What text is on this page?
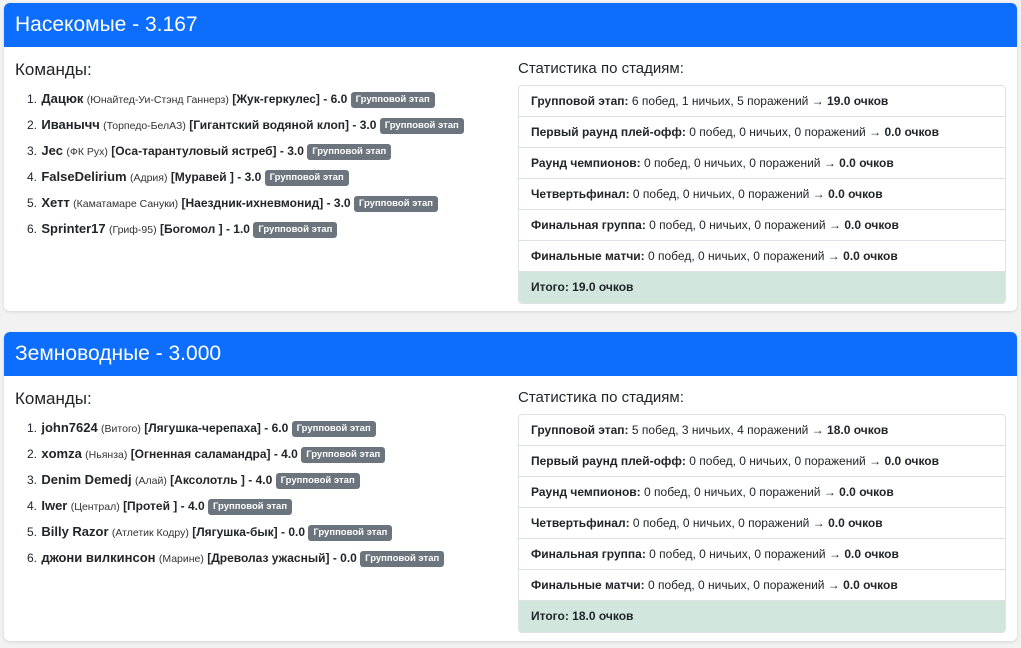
Насекомые - 3.167
Команды:
1. Дацюк (Юнайтед-Уи-Стэнд Ганнерз) [Жук-геркулес] - 6.0 Групповой этап
2. Иванычч (Торпедо-БелАЗ) [Гигантский водяной клоп] - 3.0 Групповой этап
3. Jec (ФК Рух) [Оса-тарантуловый ястреб] - 3.0 Групповой этап
4. FalseDelirium (Адрия) [Муравей ] - 3.0 Групповой этап
5. Хетт (Каматамаре Сануки) [Наездник-ихневмонид] - 3.0 Групповой этап
6. Sprinter17 (Гриф-95) [Богомол ] - 1.0 Групповой этап
Статистика по стадиям:
Групповой этап: 6 побед, 1 ничьих, 5 поражений → 19.0 очков
Первый раунд плей-офф: 0 побед, 0 ничьих, 0 поражений → 0.0 очков
Раунд чемпионов: 0 побед, 0 ничьих, 0 поражений → 0.0 очков
Четвертьфинал: 0 побед, 0 ничьих, 0 поражений → 0.0 очков
Финальная группа: 0 побед, 0 ничьих, 0 поражений → 0.0 очков
Финальные матчи: 0 побед, 0 ничьих, 0 поражений → 0.0 очков
Итого: 19.0 очков
Земноводные - 3.000
Команды:
1. john7624 (Витого) [Лягушка-черепаха] - 6.0 Групповой этап
2. xomza (Ньянза) [Огненная саламандра] - 4.0 Групповой этап
3. Denim Demedj (Алай) [Аксолотль ] - 4.0 Групповой этап
4. Iwer (Централ) [Протей ] - 4.0 Групповой этап
5. Billy Razor (Атлетик Кодру) [Лягушка-бык] - 0.0 Групповой этап
6. джони вилкинсон (Марине) [Древолаз ужасный] - 0.0 Групповой этап
Статистика по стадиям:
Групповой этап: 5 побед, 3 ничьих, 4 поражений → 18.0 очков
Первый раунд плей-офф: 0 побед, 0 ничьих, 0 поражений → 0.0 очков
Раунд чемпионов: 0 побед, 0 ничьих, 0 поражений → 0.0 очков
Четвертьфинал: 0 побед, 0 ничьих, 0 поражений → 0.0 очков
Финальная группа: 0 побед, 0 ничьих, 0 поражений → 0.0 очков
Финальные матчи: 0 побед, 0 ничьих, 0 поражений → 0.0 очков
Итого: 18.0 очков
